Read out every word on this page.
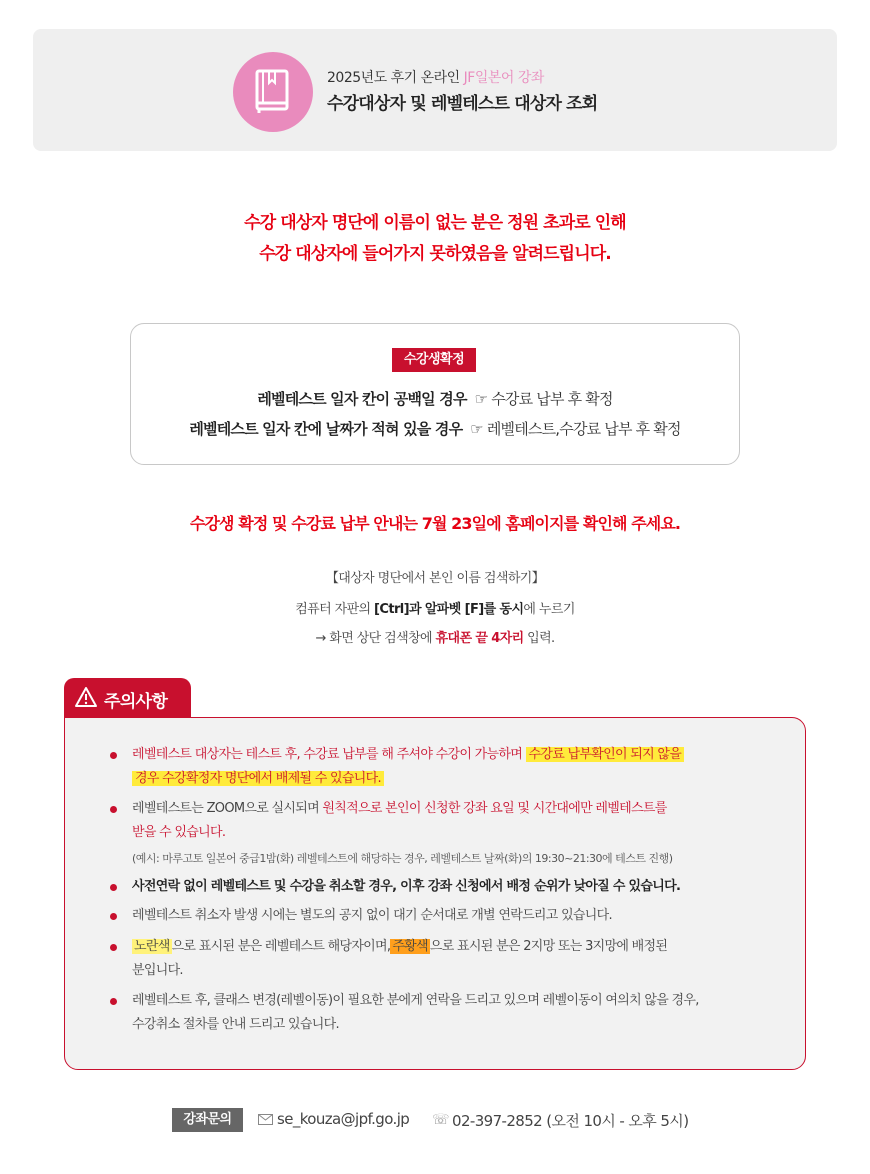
2025년도 후기 온라인 JF일본어 강좌
수강대상자 및 레벨테스트 대상자 조회
수강 대상자 명단에 이름이 없는 분은 정원 초과로 인해
수강 대상자에 들어가지 못하였음을 알려드립니다.
수강생확정
레벨테스트 일자 칸이 공백일 경우 ☞ 수강료 납부 후 확정
레벨테스트 일자 칸에 날짜가 적혀 있을 경우 ☞ 레벨테스트,수강료 납부 후 확정
수강생 확정 및 수강료 납부 안내는 7월 23일에 홈페이지를 확인해 주세요.
【대상자 명단에서 본인 이름 검색하기】
컴퓨터 자판의 [Ctrl]과 알파벳 [F]를 동시에 누르기
→ 화면 상단 검색창에 휴대폰 끝 4자리 입력.
주의사항
레벨테스트 대상자는 테스트 후, 수강료 납부를 해 주셔야 수강이 가능하며 수강료 납부확인이 되지 않을
경우 수강확정자 명단에서 배제될 수 있습니다.
레벨테스트는 ZOOM으로 실시되며 원칙적으로 본인이 신청한 강좌 요일 및 시간대에만 레벨테스트를
받을 수 있습니다.
(예시: 마루고토 일본어 중급1밤(화) 레벨테스트에 해당하는 경우, 레벨테스트 날짜(화)의 19:30~21:30에 테스트 진행)
사전연락 없이 레벨테스트 및 수강을 취소할 경우, 이후 강좌 신청에서 배정 순위가 낮아질 수 있습니다.
레벨테스트 취소자 발생 시에는 별도의 공지 없이 대기 순서대로 개별 연락드리고 있습니다.
노란색 으로 표시된 분은 레벨테스트 해당자이며, 주황색 으로 표시된 분은 2지망 또는 3지망에 배정된
분입니다.
레벨테스트 후, 클래스 변경(레벨이동)이 필요한 분에게 연락을 드리고 있으며 레벨이동이 여의치 않을 경우,
수강취소 절차를 안내 드리고 있습니다.
강좌문의	se_kouza@jpf.go.jp ☏ 02-397-2852 (오전 10시 - 오후 5시)
